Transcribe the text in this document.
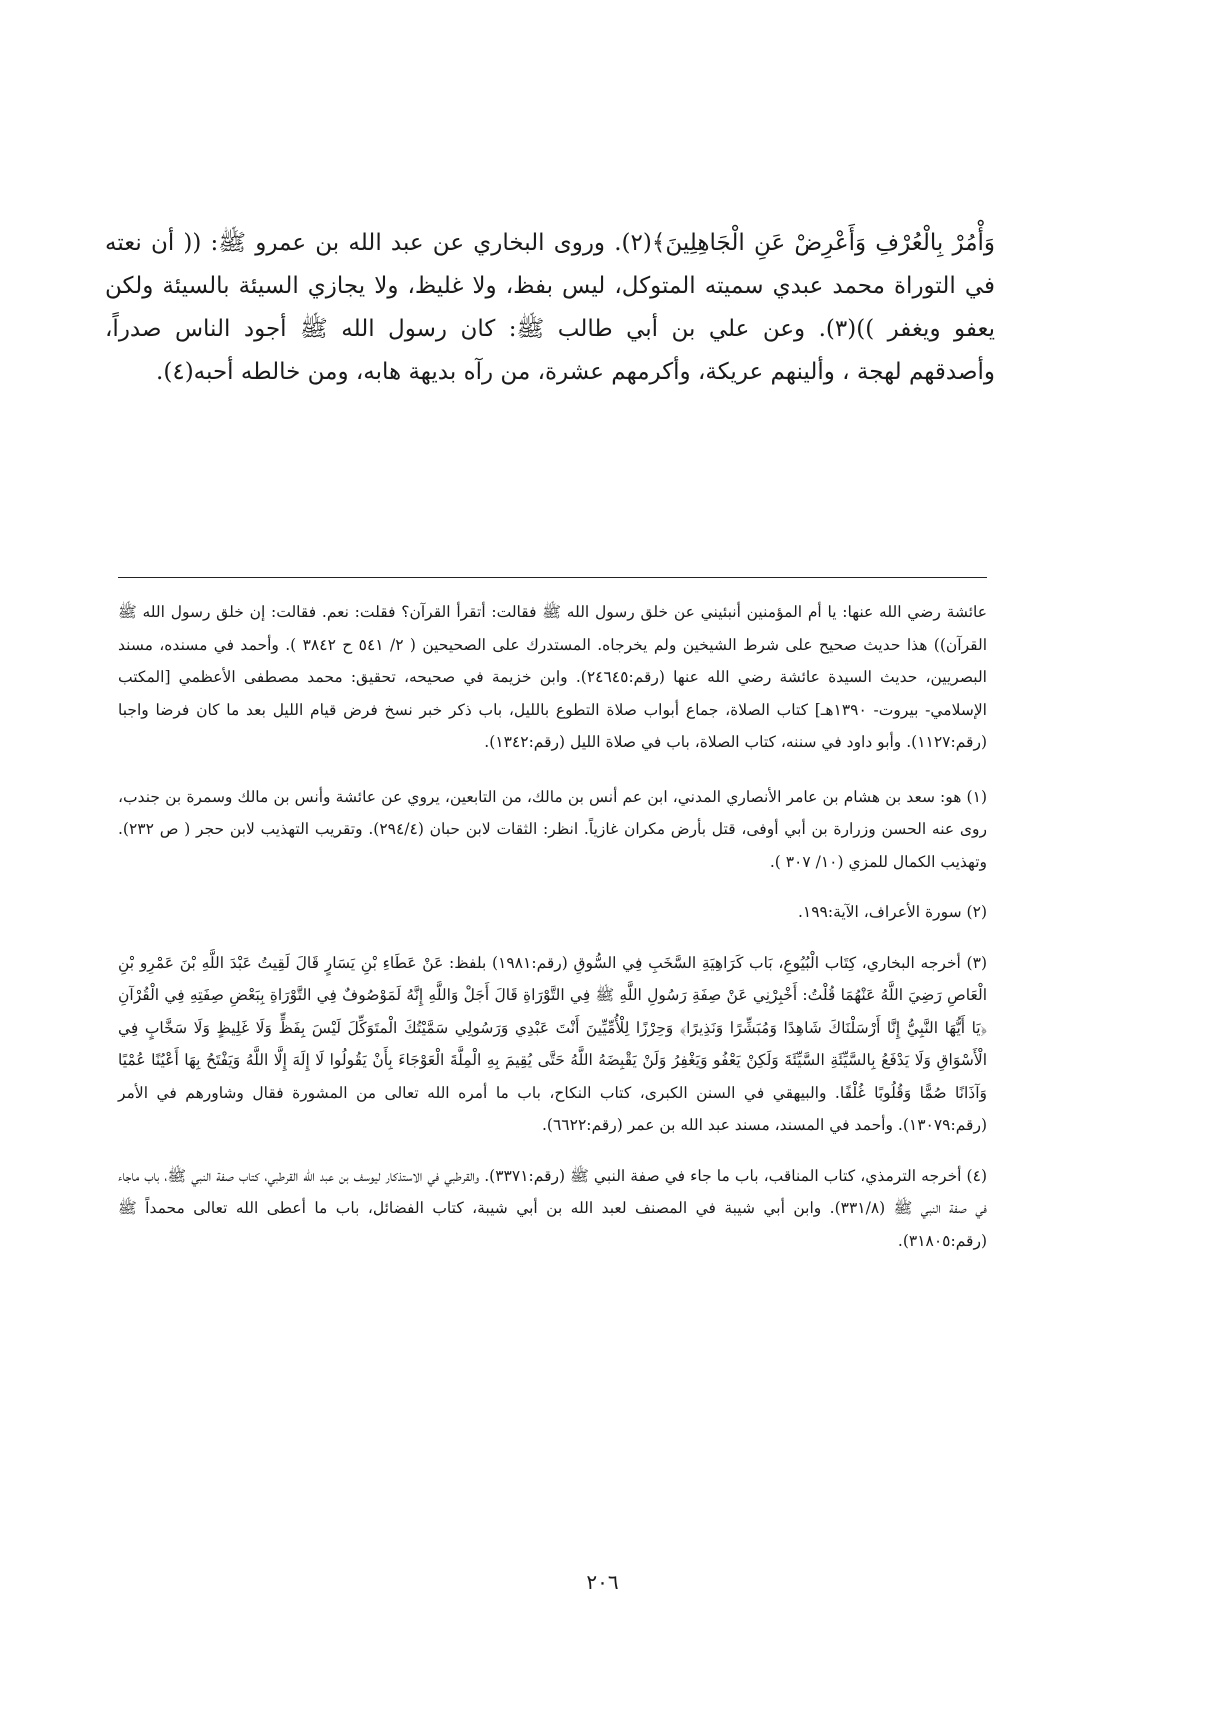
وَأْمُرْ بِالْعُرْفِ وَأَعْرِضْ عَنِ الْجَاهِلِينَ﴾(٢). وروى البخاري عن عبد الله بن عمرو ﷺ: (( أن نعته في التوراة محمد عبدي سميته المتوكل، ليس بفظ، ولا غليظ، ولا يجازي السيئة بالسيئة ولكن يعفو ويغفر ))(٣). وعن علي بن أبي طالب ﷺ: كان رسول الله ﷺ أجود الناس صدراً، وأصدقهم لهجة ، وألينهم عريكة، وأكرمهم عشرة، من رآه بديهة هابه، ومن خالطه أحبه(٤).

عائشة رضي الله عنها: يا أم المؤمنين أنبئيني عن خلق رسول الله ﷺ فقالت: أتقرأ القرآن؟ فقلت: نعم. فقالت: إن خلق رسول الله ﷺ القرآن)) هذا حديث صحيح على شرط الشيخين ولم يخرجاه. المستدرك على الصحيحين ( ٢/ ٥٤١ ح ٣٨٤٢ ). وأحمد في مسنده، مسند البصريين، حديث السيدة عائشة رضي الله عنها (رقم:٢٤٦٤٥). وابن خزيمة في صحيحه، تحقيق: محمد مصطفى الأعظمي [المكتب الإسلامي- بيروت- ١٣٩٠هـ] كتاب الصلاة، جماع أبواب صلاة التطوع بالليل، باب ذكر خبر نسخ فرض قيام الليل بعد ما كان فرضا واجبا (رقم:١١٢٧). وأبو داود في سننه، كتاب الصلاة، باب في صلاة الليل (رقم:١٣٤٢).

(١) هو: سعد بن هشام بن عامر الأنصاري المدني، ابن عم أنس بن مالك، من التابعين، يروي عن عائشة وأنس بن مالك وسمرة بن جندب، روى عنه الحسن وزرارة بن أبي أوفى، قتل بأرض مكران غازياً. انظر: الثقات لابن حبان (٢٩٤/٤). وتقريب التهذيب لابن حجر ( ص ٢٣٢). وتهذيب الكمال للمزي (١٠/ ٣٠٧ ).

(٢) سورة الأعراف، الآية:١٩٩.

(٣) أخرجه البخاري، كِتَاب الْبُيُوعِ، بَاب كَرَاهِيَةِ السَّخَبِ فِي السُّوقِ (رقم:١٩٨١) بلفظ: عَنْ عَطَاءِ بْنِ يَسَارٍ قَالَ لَقِيتُ عَبْدَ اللَّهِ بْنَ عَمْرِو بْنِ الْعَاصِ رَضِيَ اللَّهُ عَنْهُمَا قُلْتُ: أَخْبِرْنِي عَنْ صِفَةِ رَسُولِ اللَّهِ ﷺ فِي التَّوْرَاةِ قَالَ أَجَلْ وَاللَّهِ إِنَّهُ لَمَوْصُوفٌ فِي التَّوْرَاةِ بِبَعْضِ صِفَتِهِ فِي الْقُرْآنِ ﴿يَا أَيُّهَا النَّبِيُّ إِنَّا أَرْسَلْنَاكَ شَاهِدًا وَمُبَشِّرًا وَنَذِيرًا﴾ وَحِرْزًا لِلْأُمِّيِّينَ أَنْتَ عَبْدِي وَرَسُولِي سَمَّيْتُكَ الْمتَوَكِّلَ لَيْسَ بِفَظٍّ وَلَا غَلِيظٍ وَلَا سَخَّابٍ فِي الْأَسْوَاقِ وَلَا يَدْفَعُ بِالسَّيِّئَةِ السَّيِّئَةَ وَلَكِنْ يَعْفُو وَيَغْفِرُ وَلَنْ يَقْبِضَهُ اللَّهُ حَتَّى يُقِيمَ بِهِ الْمِلَّةَ الْعَوْجَاءَ بِأَنْ يَقُولُوا لَا إِلَهَ إِلَّا اللَّهُ وَيَفْتَحُ بِهَا أَعْيُنًا عُمْيًا وَآذَانًا صُمًّا وَقُلُوبًا غُلْفًا. والبيهقي في السنن الكبرى، كتاب النكاح، باب ما أمره الله تعالى من المشورة فقال وشاورهم في الأمر (رقم:١٣٠٧٩). وأحمد في المسند، مسند عبد الله بن عمر (رقم:٦٦٢٢).

(٤) أخرجه الترمذي، كتاب المناقب، باب ما جاء في صفة النبي ﷺ (رقم:٣٣٧١). والقرطبي في الاستذكار ليوسف بن عبد الله القرطبي، كتاب صفة النبي ﷺ، باب ماجاء في صفة النبي ﷺ (٣٣١/٨). وابن أبي شيبة في المصنف لعبد الله بن أبي شيبة، كتاب الفضائل، باب ما أعطى الله تعالى محمداً ﷺ (رقم:٣١٨٠٥).

٢٠٦
